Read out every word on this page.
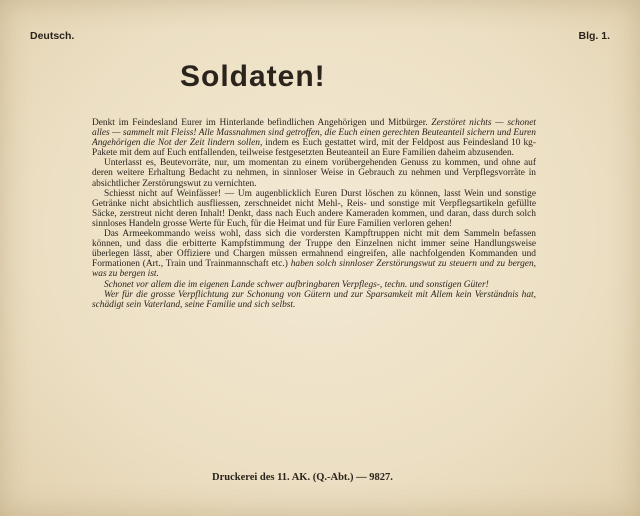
Deutsch.	Blg. 1.
Soldaten!

Denkt im Feindesland Eurer im Hinterlande befindlichen Angehörigen und Mitbürger. Zerstöret nichts — schonet alles — sammelt mit Fleiss! Alle Massnahmen sind getroffen, die Euch einen gerechten Beuteanteil sichern und Euren Angehörigen die Not der Zeit lindern sollen, indem es Euch gestattet wird, mit der Feldpost aus Feindesland 10 kg-Pakete mit dem auf Euch entfallenden, teilweise festgesetzten Beuteanteil an Eure Familien daheim abzusenden.

Unterlasst es, Beutevorräte, nur, um momentan zu einem vorübergehenden Genuss zu kommen, und ohne auf deren weitere Erhaltung Bedacht zu nehmen, in sinnloser Weise in Gebrauch zu nehmen und Verpflegsvorräte in absichtlicher Zerstörungswut zu vernichten.

Schiesst nicht auf Weinfässer! — Um augenblicklich Euren Durst löschen zu können, lasst Wein und sonstige Getränke nicht absichtlich ausfliessen, zerschneidet nicht Mehl-, Reis- und sonstige mit Verpflegsartikeln gefüllte Säcke, zerstreut nicht deren Inhalt! Denkt, dass nach Euch andere Kameraden kommen, und daran, dass durch solch sinnloses Handeln grosse Werte für Euch, für die Heimat und für Eure Familien verloren gehen!

Das Armeekommando weiss wohl, dass sich die vordersten Kampftruppen nicht mit dem Sammeln befassen können, und dass die erbitterte Kampfstimmung der Truppe den Einzelnen nicht immer seine Handlungsweise überlegen lässt, aber Offiziere und Chargen müssen ermahnend eingreifen, alle nachfolgenden Kommanden und Formationen (Art., Train und Trainmannschaft etc.) haben solch sinnloser Zerstörungswut zu steuern und zu bergen, was zu bergen ist.

Schonet vor allem die im eigenen Lande schwer aufbringbaren Verpflegs-, techn. und sonstigen Güter!

Wer für die grosse Verpflichtung zur Schonung von Gütern und zur Sparsamkeit mit Allem kein Verständnis hat, schädigt sein Vaterland, seine Familie und sich selbst.

Druckerei des 11. AK. (Q.-Abt.) — 9827.
